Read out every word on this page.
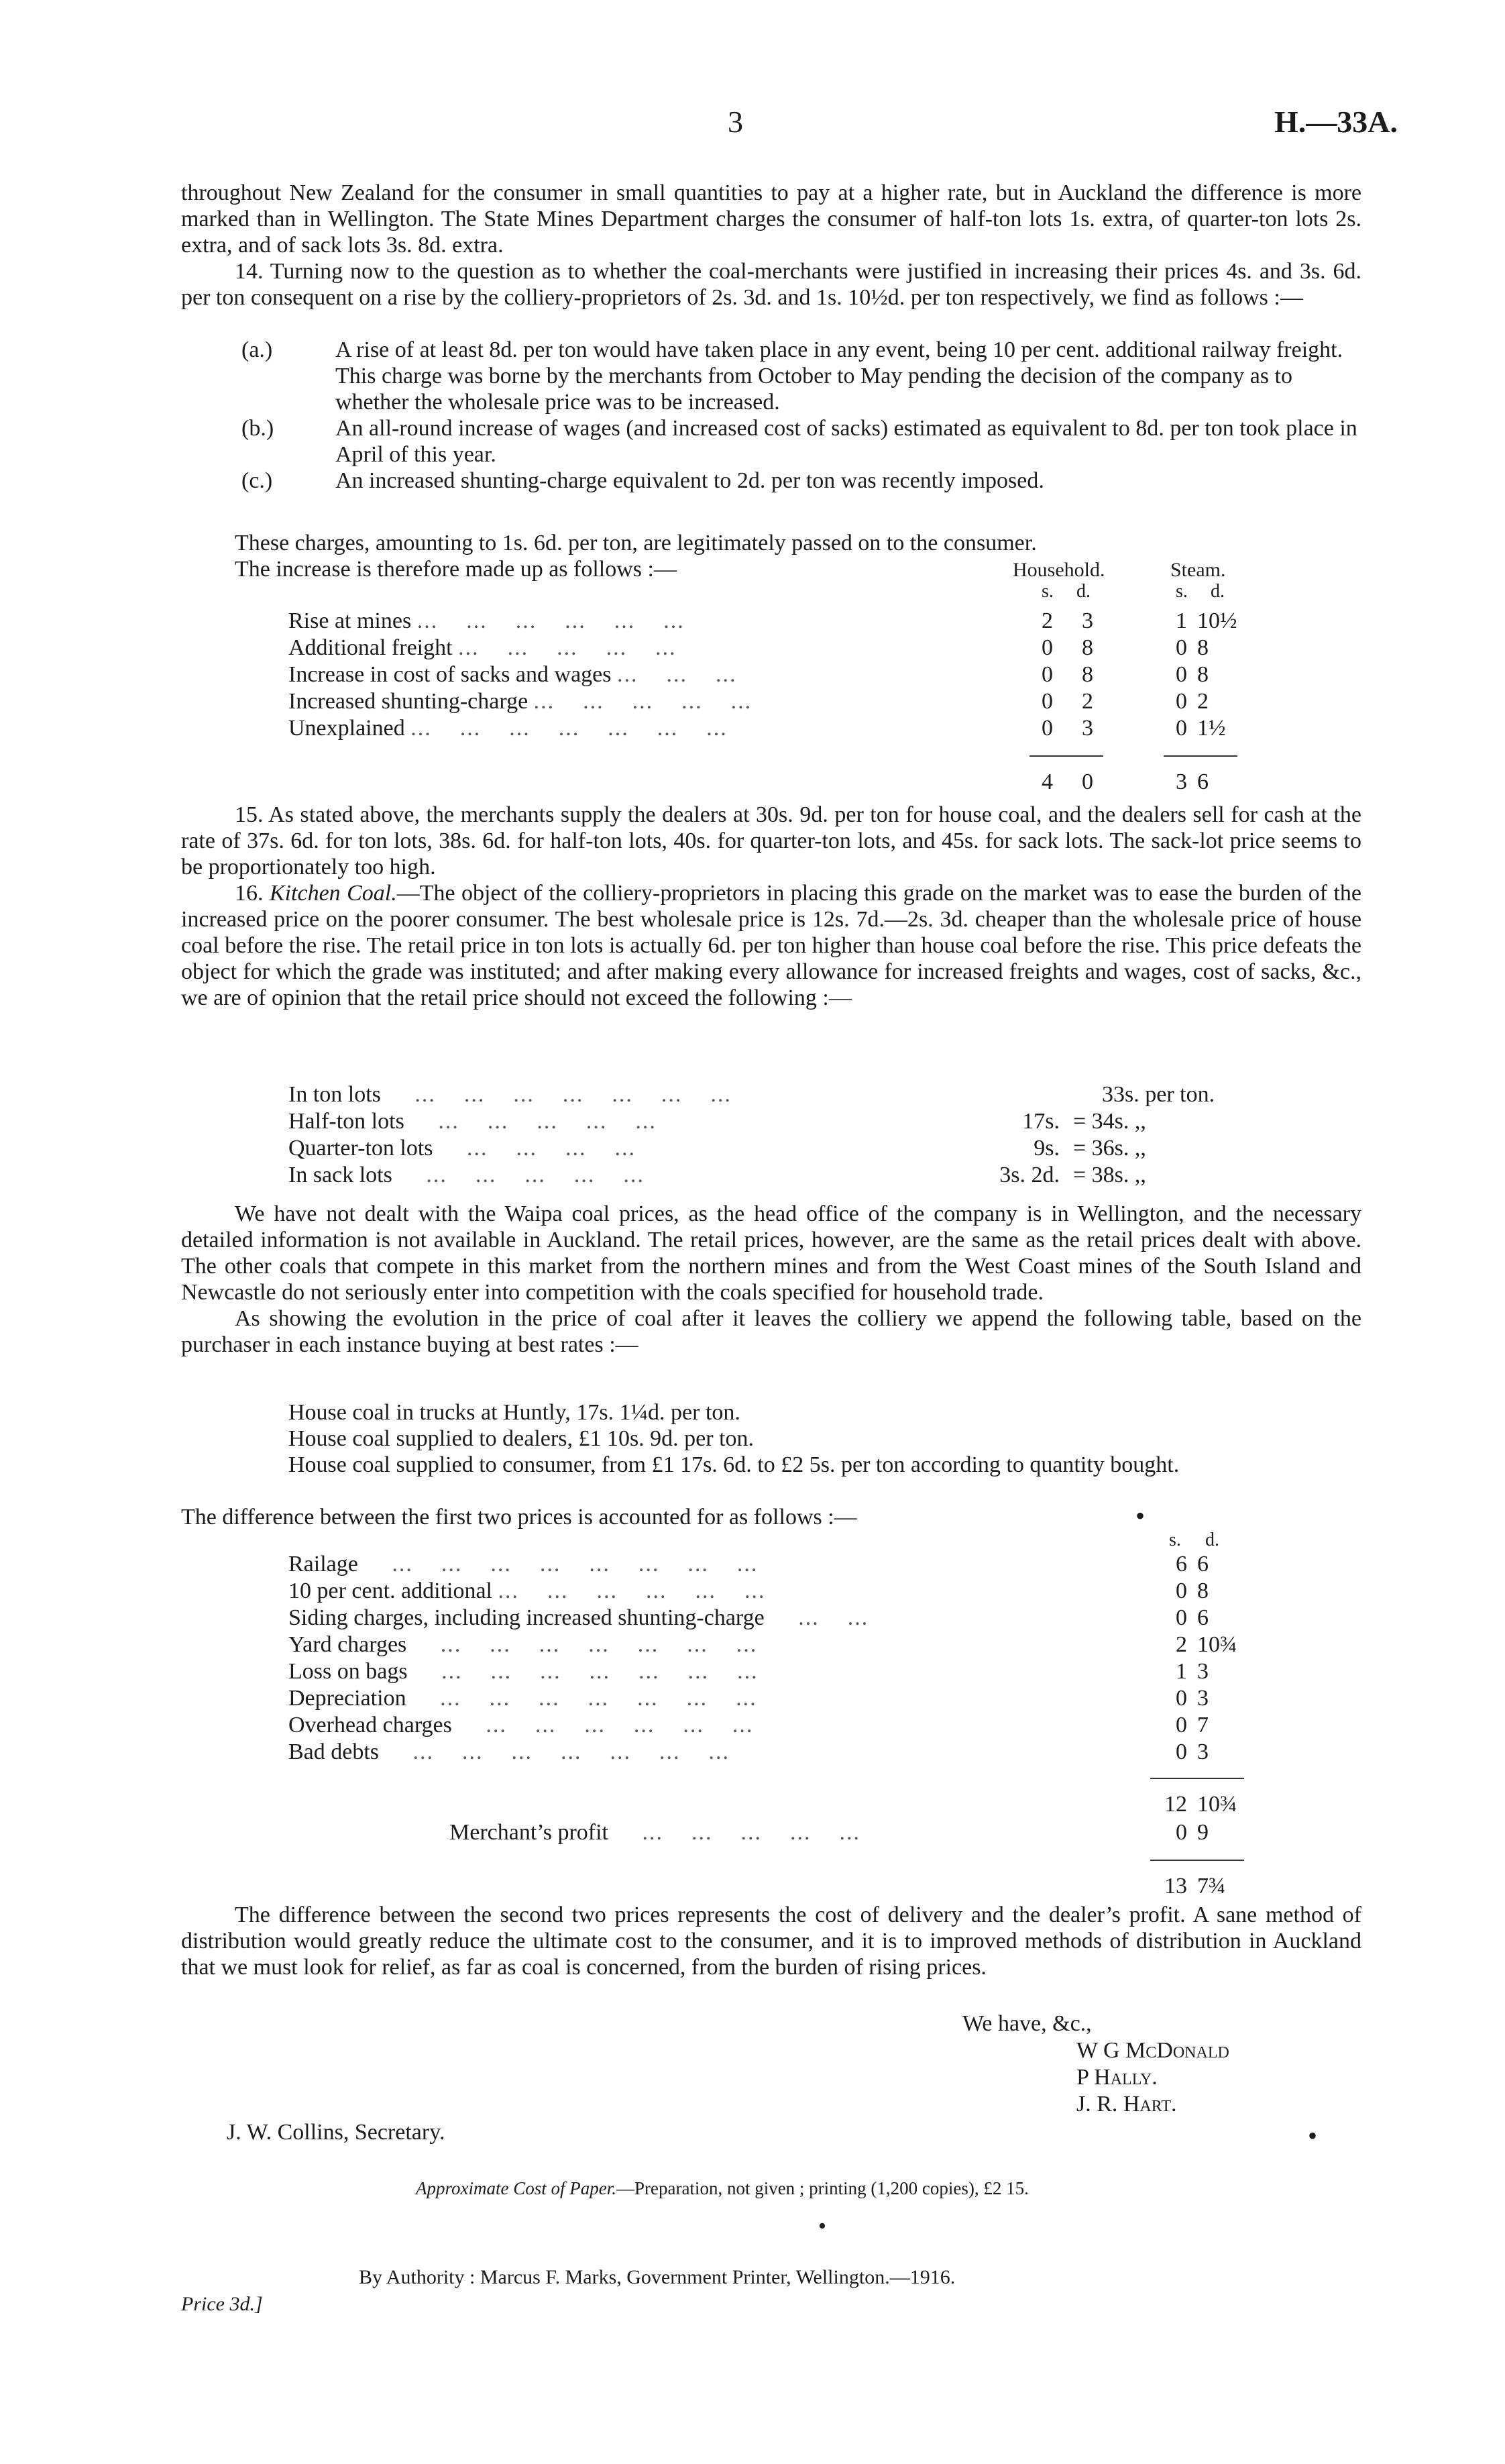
3	H.—33A.

throughout New Zealand for the consumer in small quantities to pay at a higher rate, but in Auckland the difference is more marked than in Wellington. The State Mines Department charges the consumer of half-ton lots 1s. extra, of quarter-ton lots 2s. extra, and of sack lots 3s. 8d. extra.

14. Turning now to the question as to whether the coal-merchants were justified in increasing their prices 4s. and 3s. 6d. per ton consequent on a rise by the colliery-proprietors of 2s. 3d. and 1s. 10½d. per ton respectively, we find as follows :—

(a.)	A rise of at least 8d. per ton would have taken place in any event, being 10 per cent. additional railway freight. This charge was borne by the merchants from October to May pending the decision of the company as to whether the wholesale price was to be increased.
(b.)	An all-round increase of wages (and increased cost of sacks) estimated as equivalent to 8d. per ton took place in April of this year.
(c.)	An increased shunting-charge equivalent to 2d. per ton was recently imposed.

These charges, amounting to 1s. 6d. per ton, are legitimately passed on to the consumer.

The increase is therefore made up as follows :—	Household.	Steam.
s. d.	s. d.
Rise at mines ...    ...    ...    ...    ...    ...	2	3	1 10½
Additional freight ...    ...    ...    ...    ...	0	8	0 8
Increase in cost of sacks and wages ...    ...    ...	0	8	0 8
Increased shunting-charge ...    ...    ...    ...    ...	0	2	0 2
Unexplained ...    ...    ...    ...    ...    ...    ...	0	3	0 1½
4	0	3 6

15. As stated above, the merchants supply the dealers at 30s. 9d. per ton for house coal, and the dealers sell for cash at the rate of 37s. 6d. for ton lots, 38s. 6d. for half-ton lots, 40s. for quarter-ton lots, and 45s. for sack lots. The sack-lot price seems to be proportionately too high.

16. Kitchen Coal.—The object of the colliery-proprietors in placing this grade on the market was to ease the burden of the increased price on the poorer consumer. The best wholesale price is 12s. 7d.—2s. 3d. cheaper than the wholesale price of house coal before the rise. The retail price in ton lots is actually 6d. per ton higher than house coal before the rise. This price defeats the object for which the grade was instituted; and after making every allowance for increased freights and wages, cost of sacks, &c., we are of opinion that the retail price should not exceed the following :—

In ton lots     ...    ...    ...    ...    ...    ...    ...	33s. per ton.
Half-ton lots     ...    ...    ...    ...    ...	17s. = 34s. ,,
Quarter-ton lots     ...    ...    ...    ...	9s. = 36s. ,,
In sack lots     ...    ...    ...    ...    ...	3s. 2d. = 38s. ,,

We have not dealt with the Waipa coal prices, as the head office of the company is in Wellington, and the necessary detailed information is not available in Auckland. The retail prices, however, are the same as the retail prices dealt with above. The other coals that compete in this market from the northern mines and from the West Coast mines of the South Island and Newcastle do not seriously enter into competition with the coals specified for household trade.

As showing the evolution in the price of coal after it leaves the colliery we append the following table, based on the purchaser in each instance buying at best rates :—

House coal in trucks at Huntly, 17s. 1¼d. per ton.
House coal supplied to dealers, £1 10s. 9d. per ton.
House coal supplied to consumer, from £1 17s. 6d. to £2 5s. per ton according to quantity bought.
The difference between the first two prices is accounted for as follows :—	•
s. d.
Railage     ...    ...    ...    ...    ...    ...    ...    ...	6 6
10 per cent. additional ...    ...    ...    ...    ...    ...	0 8
Siding charges, including increased shunting-charge     ...    ...	0 6
Yard charges     ...    ...    ...    ...    ...    ...    ...	2 10¾
Loss on bags     ...    ...    ...    ...    ...    ...    ...	1 3
Depreciation     ...    ...    ...    ...    ...    ...    ...	0 3
Overhead charges     ...    ...    ...    ...    ...    ...	0 7
Bad debts     ...    ...    ...    ...    ...    ...    ...	0 3
12 10¾
Merchant’s profit     ...    ...    ...    ...    ...	0 9
13 7¾

The difference between the second two prices represents the cost of delivery and the dealer’s profit. A sane method of distribution would greatly reduce the ultimate cost to the consumer, and it is to improved methods of distribution in Auckland that we must look for relief, as far as coal is concerned, from the burden of rising prices.

We have, &c.,
W G McDonald
P Hally.
J. R. Hart.
J. W. Collins, Secretary.	•
Approximate Cost of Paper.—Preparation, not given ; printing (1,200 copies), £2 15.
•
By Authority : Marcus F. Marks, Government Printer, Wellington.—1916.
Price 3d.]
